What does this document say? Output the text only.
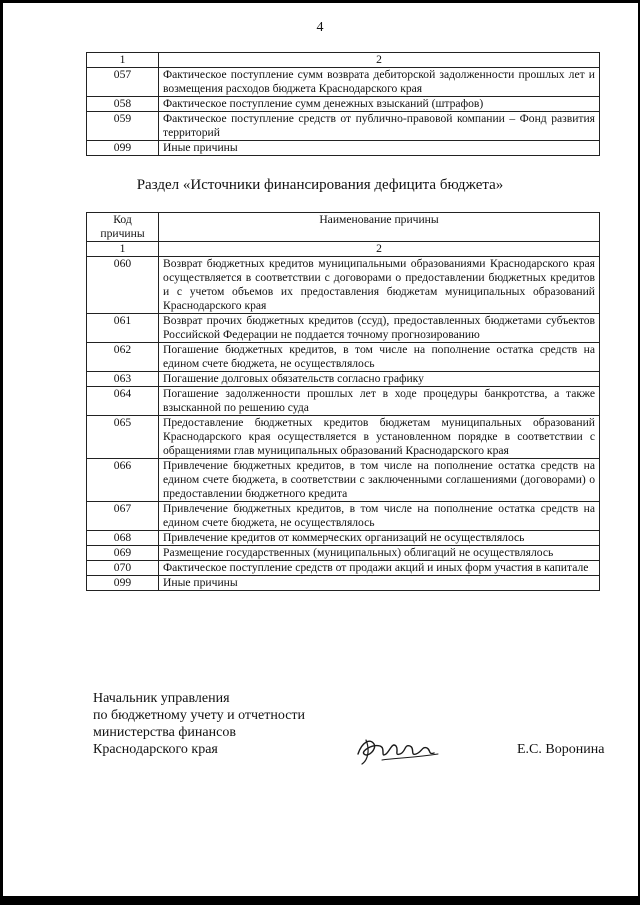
4
1	2
057	Фактическое поступление сумм возврата дебиторской задолженности прошлых лет и возмещения расходов бюджета Краснодарского края
058	Фактическое поступление сумм денежных взысканий (штрафов)
059	Фактическое поступление средств от публично-правовой компании – Фонд развития территорий
099	Иные причины
Раздел «Источники финансирования дефицита бюджета»
Код причины	Наименование причины
1	2
060	Возврат бюджетных кредитов муниципальными образованиями Краснодарского края осуществляется в соответствии с договорами о предоставлении бюджетных кредитов и с учетом объемов их предоставления бюджетам муниципальных образований Краснодарского края
061	Возврат прочих бюджетных кредитов (ссуд), предоставленных бюджетами субъектов Российской Федерации не поддается точному прогнозированию
062	Погашение бюджетных кредитов, в том числе на пополнение остатка средств на едином счете бюджета, не осуществлялось
063	Погашение долговых обязательств согласно графику
064	Погашение задолженности прошлых лет в ходе процедуры банкротства, а также взысканной по решению суда
065	Предоставление бюджетных кредитов бюджетам муниципальных образований Краснодарского края осуществляется в установленном порядке в соответствии с обращениями глав муниципальных образований Краснодарского края
066	Привлечение бюджетных кредитов, в том числе на пополнение остатка средств на едином счете бюджета, в соответствии с заключенными соглашениями (договорами) о предоставлении бюджетного кредита
067	Привлечение бюджетных кредитов, в том числе на пополнение остатка средств на едином счете бюджета, не осуществлялось
068	Привлечение кредитов от коммерческих организаций не осуществлялось
069	Размещение государственных (муниципальных) облигаций не осуществлялось
070	Фактическое поступление средств от продажи акций и иных форм участия в капитале
099	Иные причины
Начальник управления
по бюджетному учету и отчетности
министерства финансов
Краснодарского края	Е.С. Воронина
